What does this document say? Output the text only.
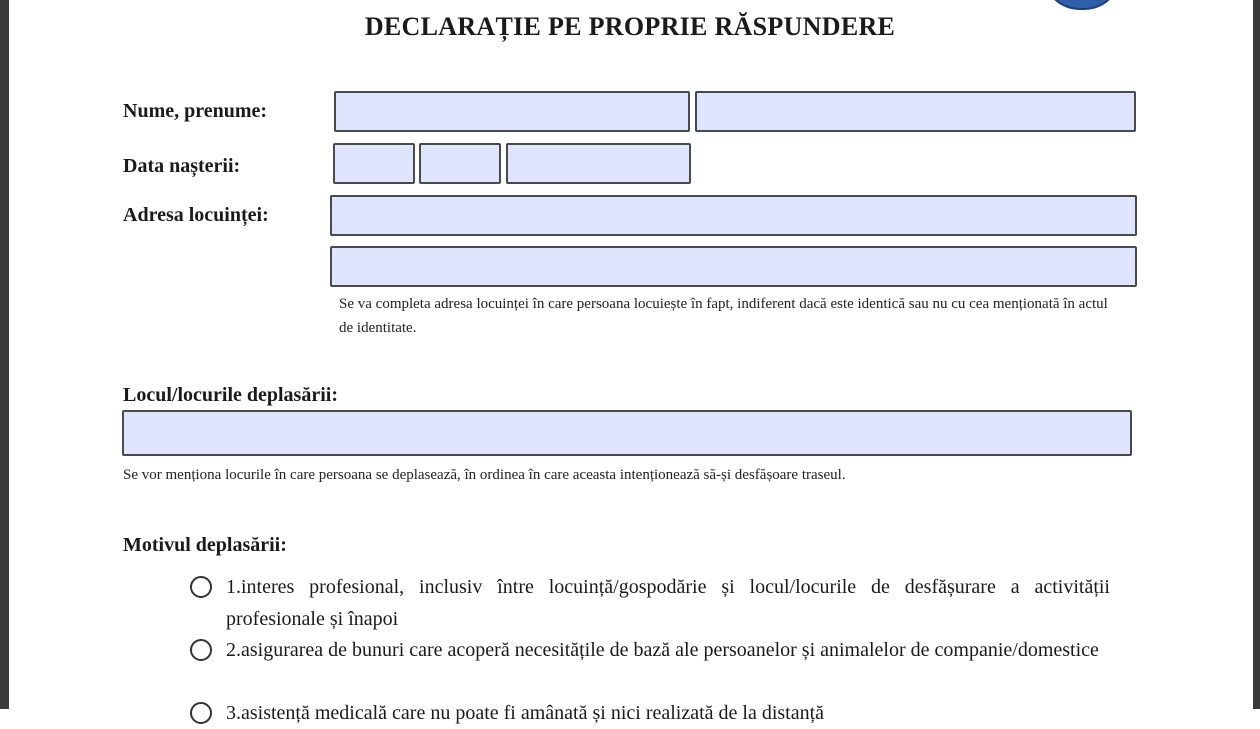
DECLARAȚIE PE PROPRIE RĂSPUNDERE
Nume, prenume:
Data nașterii:
Adresa locuinței:
Se va completa adresa locuinței în care persoana locuiește în fapt, indiferent dacă este identică sau nu cu cea menționată în actul de identitate.
Locul/locurile deplasării:
Se vor menționa locurile în care persoana se deplasează, în ordinea în care aceasta intenționează să-și desfășoare traseul.
Motivul deplasării:
1.interes profesional, inclusiv între locuință/gospodărie și locul/locurile de desfășurare a activității profesionale și înapoi
2.asigurarea de bunuri care acoperă necesitățile de bază ale persoanelor și animalelor de companie/domestice
3.asistență medicală care nu poate fi amânată și nici realizată de la distanță
